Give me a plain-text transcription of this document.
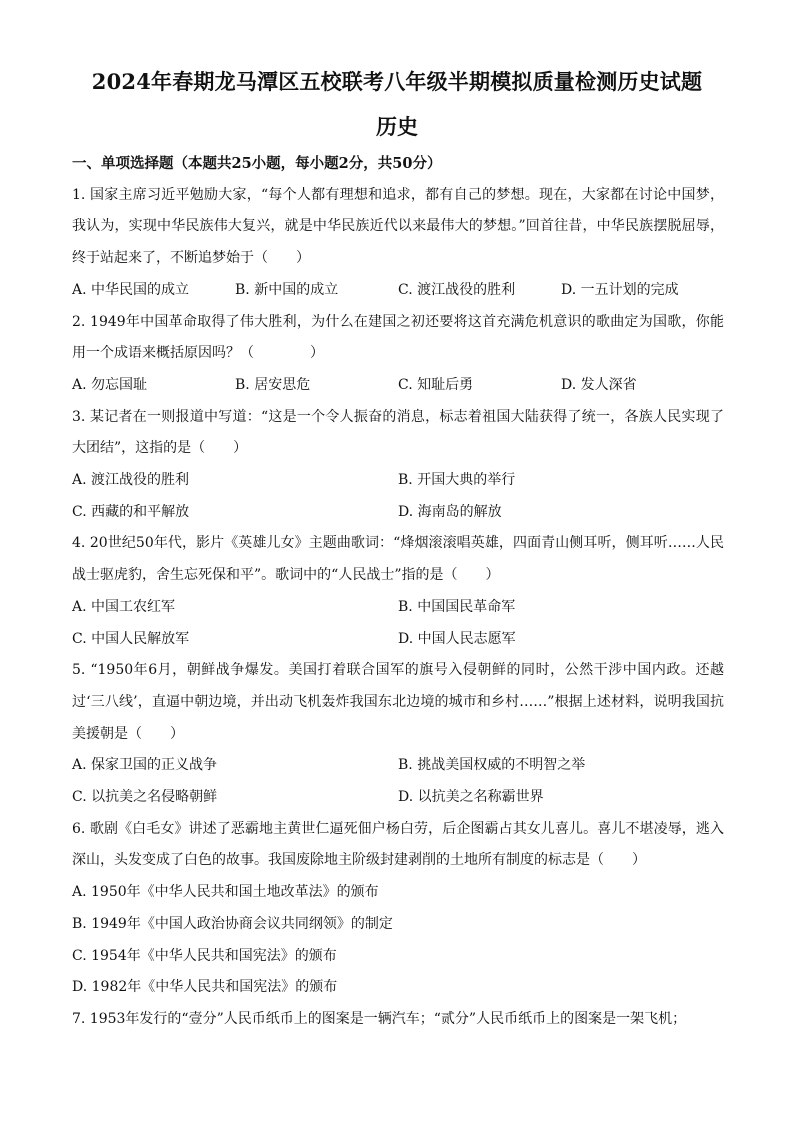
2024年春期龙马潭区五校联考八年级半期模拟质量检测历史试题
历史
一、单项选择题（本题共25小题，每小题2分，共50分）
1. 国家主席习近平勉励大家，“每个人都有理想和追求，都有自己的梦想。现在，大家都在讨论中国梦，我认为，实现中华民族伟大复兴，就是中华民族近代以来最伟大的梦想。”回首往昔，中华民族摆脱屈辱，终于站起来了，不断追梦始于（　　）
A. 中华民国的成立	B. 新中国的成立	C. 渡江战役的胜利	D. 一五计划的完成
2. 1949年中国革命取得了伟大胜利，为什么在建国之初还要将这首充满危机意识的歌曲定为国歌，你能用一个成语来概括原因吗？（　　　　）
A. 勿忘国耻	B. 居安思危	C. 知耻后勇	D. 发人深省
3. 某记者在一则报道中写道：“这是一个令人振奋的消息，标志着祖国大陆获得了统一，各族人民实现了大团结”，这指的是（　　）
A. 渡江战役的胜利	B. 开国大典的举行
C. 西藏的和平解放	D. 海南岛的解放
4. 20世纪50年代，影片《英雄儿女》主题曲歌词：“烽烟滚滚唱英雄，四面青山侧耳听，侧耳听……人民战士驱虎豹，舍生忘死保和平”。歌词中的“人民战士”指的是（　　）
A. 中国工农红军	B. 中国国民革命军
C. 中国人民解放军	D. 中国人民志愿军
5. “1950年6月，朝鲜战争爆发。美国打着联合国军的旗号入侵朝鲜的同时，公然干涉中国内政。还越过‘三八线’，直逼中朝边境，并出动飞机轰炸我国东北边境的城市和乡村……”根据上述材料，说明我国抗美援朝是（　　）
A. 保家卫国的正义战争	B. 挑战美国权威的不明智之举
C. 以抗美之名侵略朝鲜	D. 以抗美之名称霸世界
6. 歌剧《白毛女》讲述了恶霸地主黄世仁逼死佃户杨白劳，后企图霸占其女儿喜儿。喜儿不堪凌辱，逃入深山，头发变成了白色的故事。我国废除地主阶级封建剥削的土地所有制度的标志是（　　）
A. 1950年《中华人民共和国土地改革法》的颁布
B. 1949年《中国人政治协商会议共同纲领》的制定
C. 1954年《中华人民共和国宪法》的颁布
D. 1982年《中华人民共和国宪法》的颁布
7. 1953年发行的“壹分”人民币纸币上的图案是一辆汽车；“贰分”人民币纸币上的图案是一架飞机；
